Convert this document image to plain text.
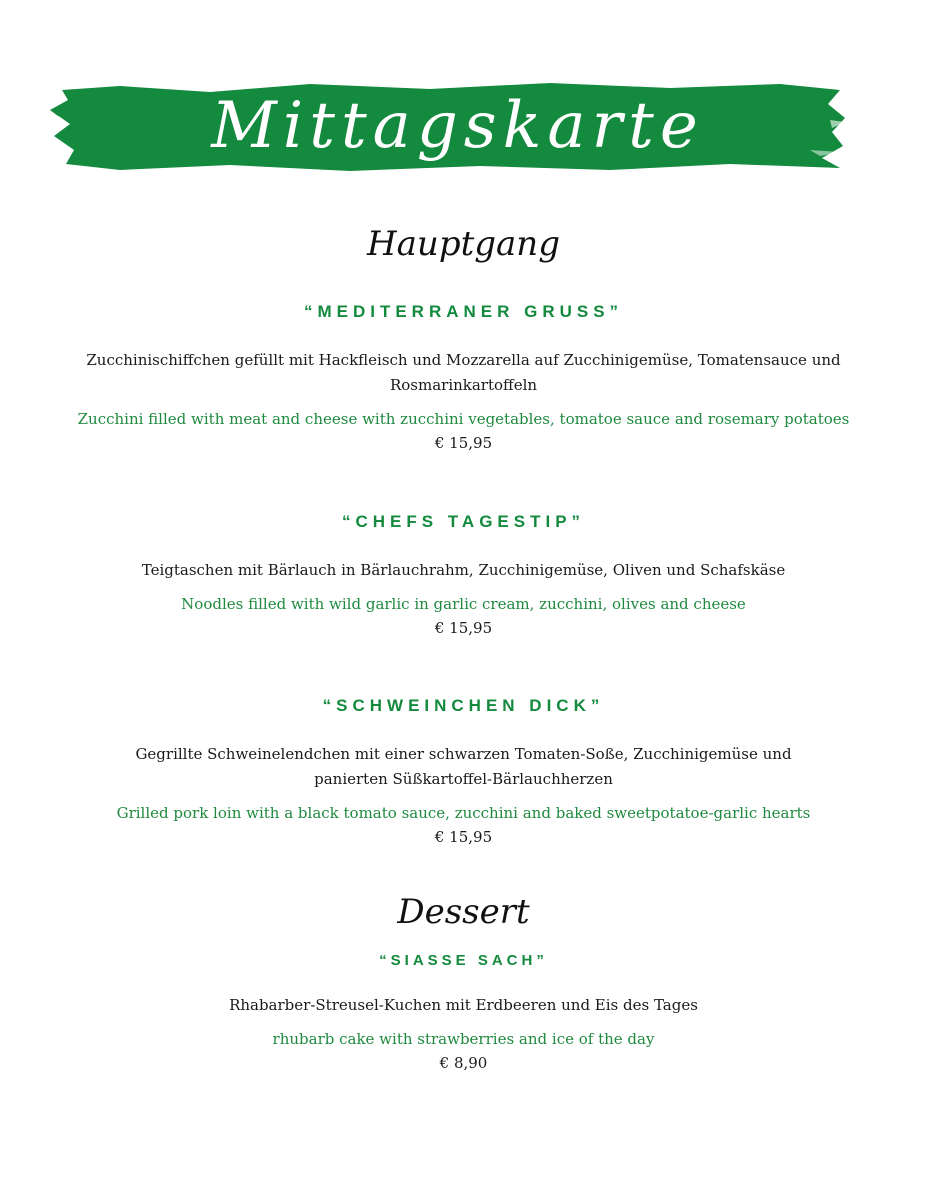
Mittagskarte
Hauptgang
“MEDITERRANER GRUSS”
Zucchinischiffchen gefüllt mit Hackfleisch und Mozzarella auf Zucchinigemüse, Tomatensauce und Rosmarinkartoffeln
Zucchini filled with meat and cheese with zucchini vegetables, tomatoe sauce and rosemary potatoes
€ 15,95
“CHEFS TAGESTIP”
Teigtaschen mit Bärlauch in Bärlauchrahm, Zucchinigemüse, Oliven und Schafskäse
Noodles filled with wild garlic in garlic cream, zucchini, olives and cheese
€ 15,95
“SCHWEINCHEN DICK”
Gegrillte Schweinelendchen mit einer schwarzen Tomaten-Soße, Zucchinigemüse und panierten Süßkartoffel-Bärlauchherzen
Grilled pork loin with a black tomato sauce, zucchini and baked sweetpotatoe-garlic hearts
€ 15,95
Dessert
“SIASSE SACH”
Rhabarber-Streusel-Kuchen mit Erdbeeren und Eis des Tages
rhubarb cake with strawberries and ice of the day
€ 8,90
